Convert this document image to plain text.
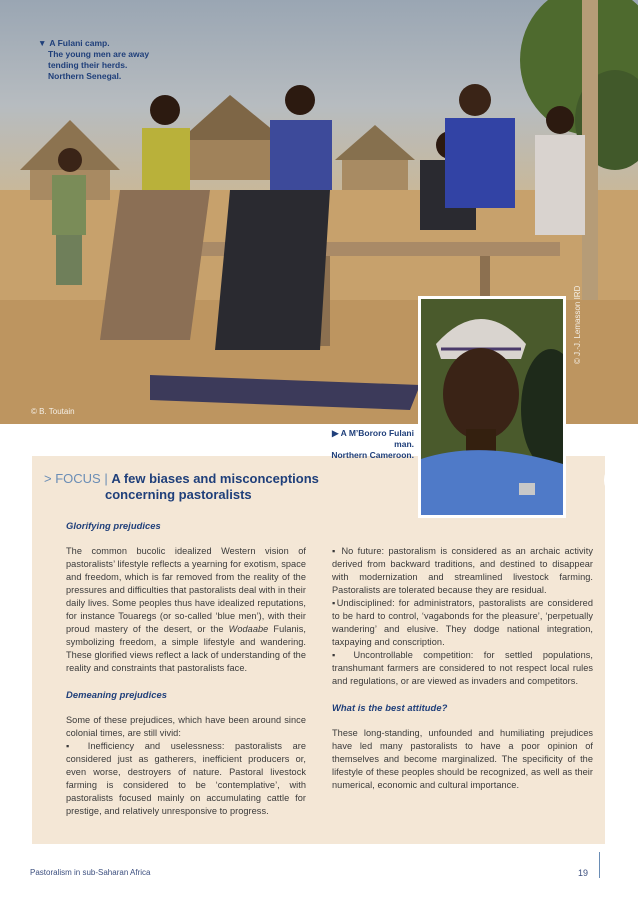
▼ A Fulani camp.
The young men are away
tending their herds.
Northern Senegal.
© B. Toutain
© J.-J. Lemasson IRD
▶ A M’Bororo Fulani man.
Northern Cameroon.
> FOCUS | A few biases and misconceptions
concerning pastoralists
Glorifying prejudices

The common bucolic idealized Western vision of pastoralists’ lifestyle reflects a yearning for exotism, space and freedom, which is far removed from the reality of the pressures and difficulties that pastoralists deal with in their daily lives. Some peoples thus have idealized reputations, for instance Touaregs (or so-called ‘blue men’), with their proud mastery of the desert, or the Wodaabe Fulanis, symbolizing freedom, a simple lifestyle and wandering. These glorified views reflect a lack of understanding of the reality and constraints that pastoralists face.

Demeaning prejudices

Some of these prejudices, which have been around since colonial times, are still vivid:

▪ Inefficiency and uselessness: pastoralists are considered just as gatherers, inefficient producers or, even worse, destroyers of nature. Pastoral livestock farming is considered to be ‘contemplative’, with pastoralists focused mainly on accumulating cattle for prestige, and relatively unresponsive to progress.

▪ No future: pastoralism is considered as an archaic activity derived from backward traditions, and destined to disappear with modernization and streamlined livestock farming. Pastoralists are tolerated because they are residual.

▪Undisciplined: for administrators, pastoralists are considered to be hard to control, ‘vagabonds for the pleasure’, ‘perpetually wandering’ and elusive. They dodge national integration, taxpaying and conscription.

▪ Uncontrollable competition: for settled populations, transhumant farmers are considered to not respect local rules and regulations, or are viewed as invaders and competitors.

What is the best attitude?

These long-standing, unfounded and humiliating prejudices have led many pastoralists to have a poor opinion of themselves and become marginalized. The specificity of the lifestyle of these peoples should be recognized, as well as their numerical, economic and cultural importance.

Pastoralism in sub-Saharan Africa	19
